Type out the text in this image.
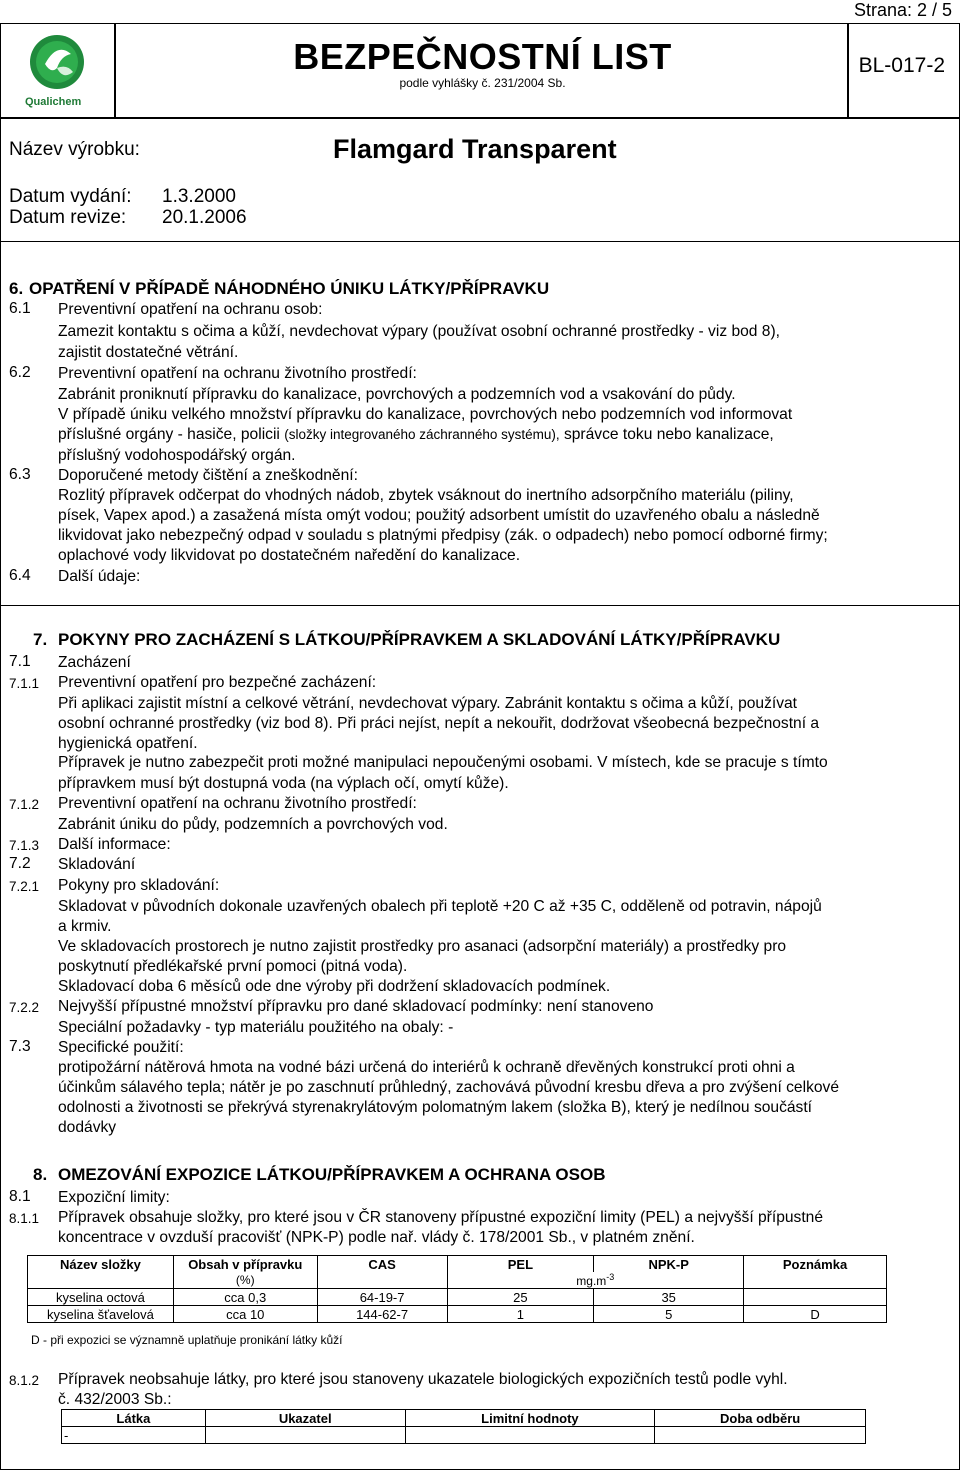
Strana: 2 / 5
Qualichem
BEZPEČNOSTNÍ LIST
podle vyhlášky č. 231/2004 Sb.
BL-017-2
Název výrobku:	Flamgard Transparent
Datum vydání: 1.3.2000
Datum revize: 20.1.2006
6. OPATŘENÍ V PŘÍPADĚ NÁHODNÉHO ÚNIKU LÁTKY/PŘÍPRAVKU
6.1 Preventivní opatření na ochranu osob:
Zamezit kontaktu s očima a kůží, nevdechovat výpary (používat osobní ochranné prostředky - viz bod 8),
zajistit dostatečné větrání.
6.2 Preventivní opatření na ochranu životního prostředí:
Zabránit proniknutí přípravku do kanalizace, povrchových a podzemních vod a vsakování do půdy.
V případě úniku velkého množství přípravku do kanalizace, povrchových nebo podzemních vod informovat
příslušné orgány - hasiče, policii (složky integrovaného záchranného systému), správce toku nebo kanalizace,
příslušný vodohospodářský orgán.
6.3 Doporučené metody čištění a zneškodnění:
Rozlitý přípravek odčerpat do vhodných nádob, zbytek vsáknout do inertního adsorpčního materiálu (piliny,
písek, Vapex apod.) a zasažená místa omýt vodou; použitý adsorbent umístit do uzavřeného obalu a následně
likvidovat jako nebezpečný odpad v souladu s platnými předpisy (zák. o odpadech) nebo pomocí odborné firmy;
oplachové vody likvidovat po dostatečném naředění do kanalizace.
6.4 Další údaje:
7. POKYNY PRO ZACHÁZENÍ S LÁTKOU/PŘÍPRAVKEM A SKLADOVÁNÍ LÁTKY/PŘÍPRAVKU
7.1 Zacházení
7.1.1 Preventivní opatření pro bezpečné zacházení:
Při aplikaci zajistit místní a celkové větrání, nevdechovat výpary. Zabránit kontaktu s očima a kůží, používat
osobní ochranné prostředky (viz bod 8). Při práci nejíst, nepít a nekouřit, dodržovat všeobecná bezpečnostní a
hygienická opatření.
Přípravek je nutno zabezpečit proti možné manipulaci nepoučenými osobami. V místech, kde se pracuje s tímto
přípravkem musí být dostupná voda (na výplach očí, omytí kůže).
7.1.2 Preventivní opatření na ochranu životního prostředí:
Zabránit úniku do půdy, podzemních a povrchových vod.
7.1.3 Další informace:
7.2 Skladování
7.2.1 Pokyny pro skladování:
Skladovat v původních dokonale uzavřených obalech při teplotě +20 C až +35 C, odděleně od potravin, nápojů
a krmiv.
Ve skladovacích prostorech je nutno zajistit prostředky pro asanaci (adsorpční materiály) a prostředky pro
poskytnutí předlékařské první pomoci (pitná voda).
Skladovací doba 6 měsíců ode dne výroby při dodržení skladovacích podmínek.
7.2.2 Nejvyšší přípustné množství přípravku pro dané skladovací podmínky: není stanoveno
Speciální požadavky - typ materiálu použitého na obaly: -
7.3 Specifické použití:
protipožární nátěrová hmota na vodné bázi určená do interiérů k ochraně dřevěných konstrukcí proti ohni a
účinkům sálavého tepla; nátěr je po zaschnutí průhledný, zachovává původní kresbu dřeva a pro zvýšení celkové
odolnosti a životnosti se překrývá styrenakrylátovým polomatným lakem (složka B), který je nedílnou součástí
dodávky
8. OMEZOVÁNÍ EXPOZICE LÁTKOU/PŘÍPRAVKEM A OCHRANA OSOB
8.1 Expoziční limity:
8.1.1 Přípravek obsahuje složky, pro které jsou v ČR stanoveny přípustné expoziční limity (PEL) a nejvyšší přípustné
koncentrace v ovzduší pracovišť (NPK-P) podle nař. vlády č. 178/2001 Sb., v platném znění.
Název složky	Obsah v přípravku	CAS	PEL	NPK-P	Poznámka
	(%)		$mg.m^{-3}$	
kyselina octová	cca 0,3	64-19-7	25	35	
kyselina šťavelová	cca 10	144-62-7	1	5	D
D - při expozici se významně uplatňuje pronikání látky kůží
8.1.2 Přípravek neobsahuje látky, pro které jsou stanoveny ukazatele biologických expozičních testů podle vyhl.
č. 432/2003 Sb.:
Látka	Ukazatel	Limitní hodnoty	Doba odběru
-			
